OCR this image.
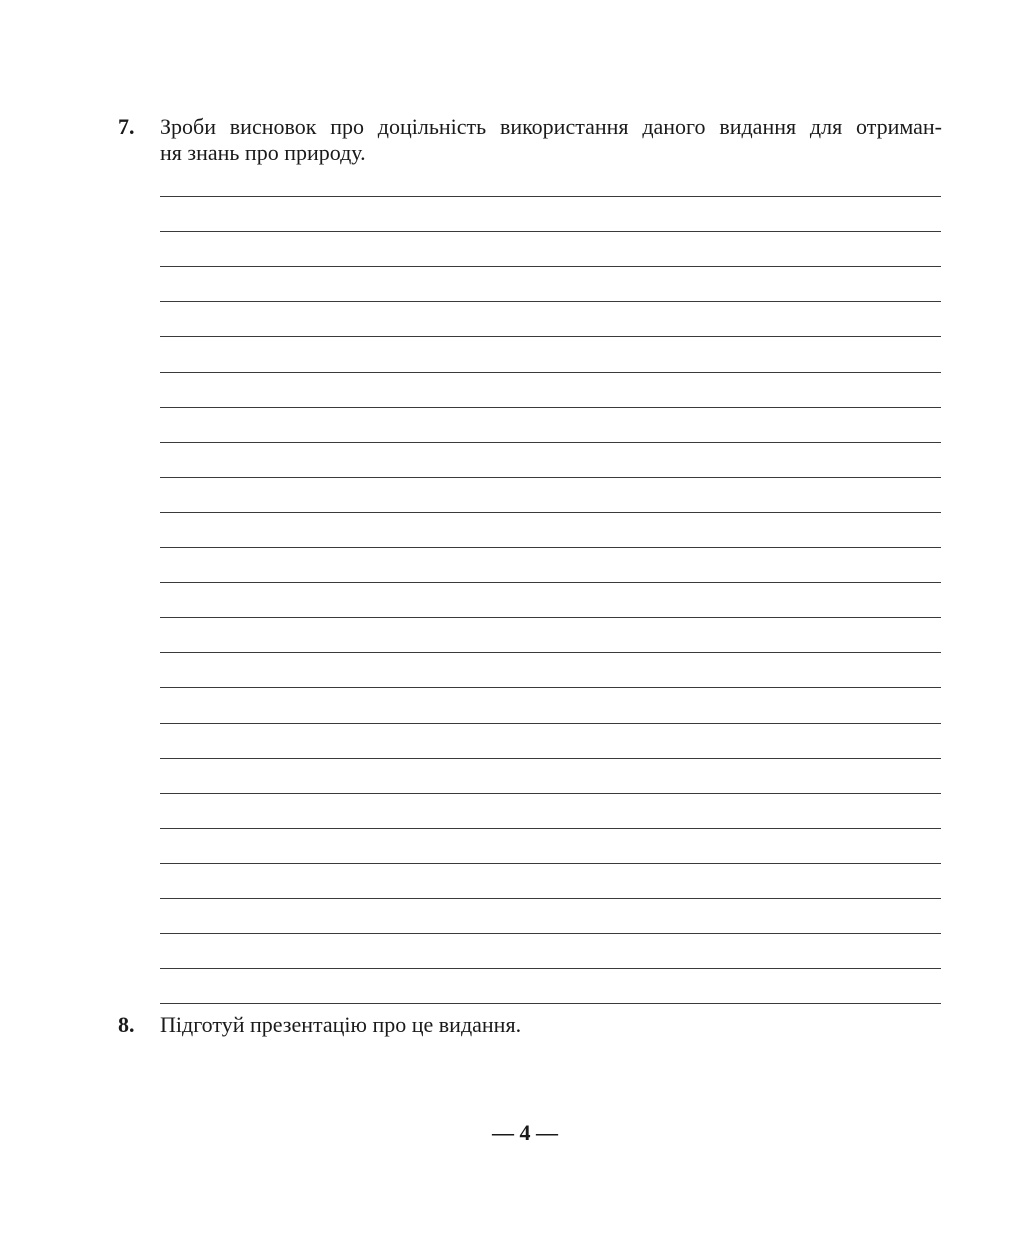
7. Зроби висновок про доцільність використання даного видання для отриман-
ня знань про природу.
8. Підготуй презентацію про це видання.
— 4 —
